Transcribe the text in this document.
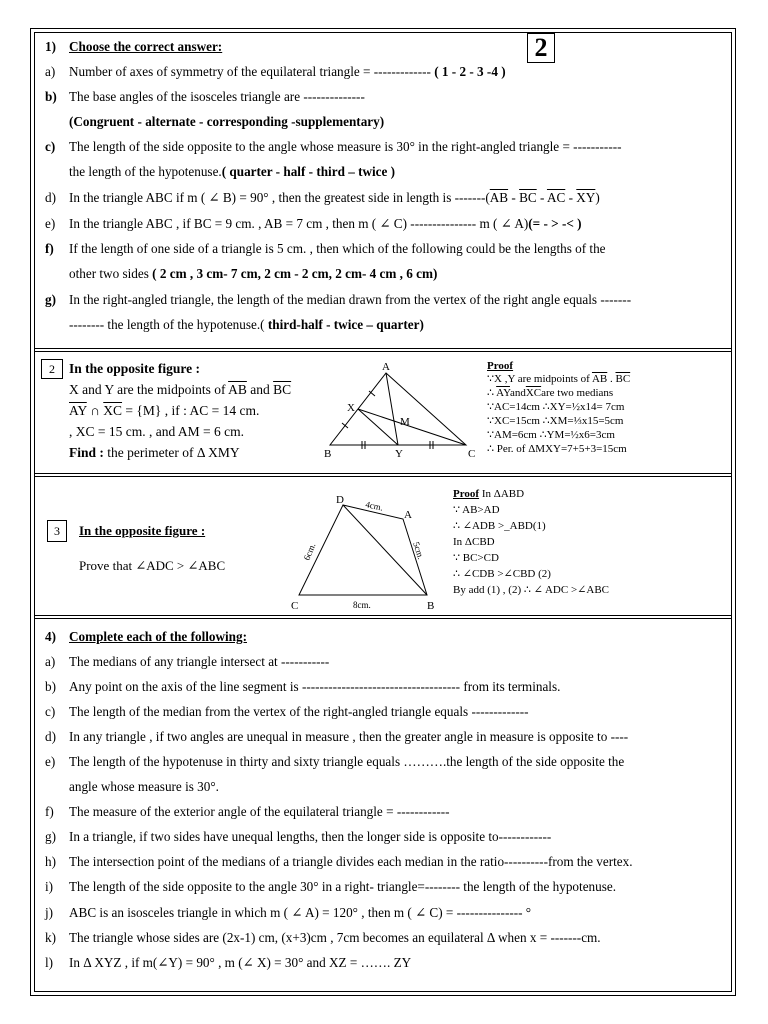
2
1) Choose the correct answer:
a)	Number of axes of symmetry of the equilateral triangle = ------------- ( 1 - 2 - 3 -4 )
b) The base angles of the isosceles triangle are --------------
(Congruent - alternate - corresponding -supplementary)
c)	The length of the side opposite to the angle whose measure is 30° in the right-angled triangle = -----------
the length of the hypotenuse.( quarter - half - third – twice )
d) In the triangle ABC if m ( ∠ B) = 90° , then the greatest side in length is $-------(\overline{AB} - \overline{BC} - \overline{AC} - \overline{XY})$
e)	In the triangle ABC , if BC = 9 cm. , AB = 7 cm , then m ( ∠ C) --------------- m ( ∠ A)(= - > -< )
f)	If the length of one side of a triangle is 5 cm. , then which of the following could be the lengths of the
other two sides ( 2 cm , 3 cm- 7 cm, 2 cm - 2 cm, 2 cm- 4 cm , 6 cm)
g) In the right-angled triangle, the length of the median drawn from the vertex of the right angle equals -------
-------- the length of the hypotenuse.( third-half - twice – quarter)
2	In the opposite figure :
X and Y are the midpoints of $\overline{AB}$ and $\overline{BC}$
$\overline{AY}$ ∩ $\overline{XC} = \{M\}$ , if : AC = 14 cm.
, XC = 15 cm. , and AM = 6 cm.
Find : the perimeter of Δ XMY
A
B	C
X
Y
M
Proof
∵X ,Y are midpoints of $\overline{AB}$ . $\overline{BC}$
∴ $\overline{AY}and\overline{XC}are$ two medians
∵AC=14cm ∴XY=½x14= 7cm
∵XC=15cm ∴XM=⅓x15=5cm
∵AM=6cm ∴YM=½x6=3cm
∴ Per. of ΔMXY=7+5+3=15cm
3	In the opposite figure :
Prove that ∠ADC > ∠ABC
D
A
B
C
4cm.
5cm.
6cm.
8cm.
Proof In ΔABD
∵ AB>AD
∴ ∠ADB >_ABD(1)
In ΔCBD
∵ BC>CD
∴ ∠CDB >∠CBD (2)
By add (1) , (2) ∴ ∠ ADC >∠ABC
4) Complete each of the following:
a)	The medians of any triangle intersect at -----------
b) Any point on the axis of the line segment is ------------------------------------ from its terminals.
c)	The length of the median from the vertex of the right-angled triangle equals -------------
d) In any triangle , if two angles are unequal in measure , then the greater angle in measure is opposite to ----
e)	The length of the hypotenuse in thirty and sixty triangle equals ……….the length of the side opposite the
angle whose measure is 30°.
f)	The measure of the exterior angle of the equilateral triangle = ------------
g) In a triangle, if two sides have unequal lengths, then the longer side is opposite to------------
h) The intersection point of the medians of a triangle divides each median in the ratio----------from the vertex.
i)	The length of the side opposite to the angle 30° in a right- triangle=-------- the length of the hypotenuse.
j)	ABC is an isosceles triangle in which m ( ∠ A) = 120° , then m ( ∠ C) = --------------- °
k) The triangle whose sides are (2x-1) cm, (x+3)cm , 7cm becomes an equilateral Δ when x = -------cm.
l)	In Δ XYZ , if m(∠Y) = 90° , m (∠ X) = 30° and XZ = ……. ZY
